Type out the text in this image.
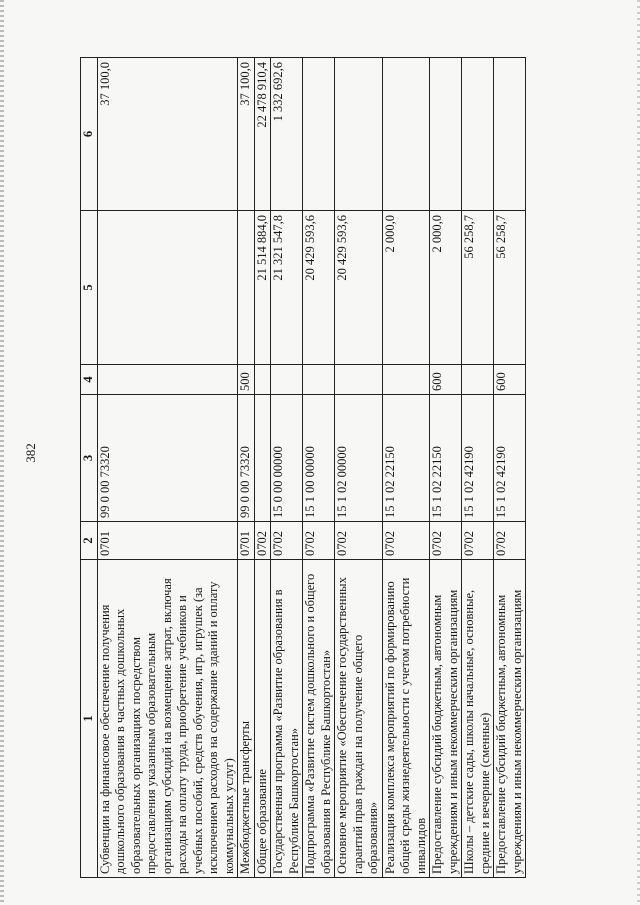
382
1	2	3	4	5	6
Субвенции на финансовое обеспечение получения дошкольного образования в частных дошкольных образовательных организациях посредством предоставления указанным образовательным организациям субсидий на возмещение затрат, включая расходы на оплату труда, приобретение учебников и учебных пособий, средств обучения, игр, игрушек (за исключением расходов на содержание зданий и оплату коммунальных услуг)	0701	99 0 00 73320			37 100,0
Межбюджетные трансферты	0701	99 0 00 73320	500		37 100,0
Общее образование	0702			21 514 884,0	22 478 910,4
Государственная программа «Развитие образования в Республике Башкортостан»	0702	15 0 00 00000		21 321 547,8	1 332 692,6
Подпрограмма «Развитие систем дошкольного и общего образования в Республике Башкортостан»	0702	15 1 00 00000		20 429 593,6	
Основное мероприятие «Обеспечение государственных гарантий прав граждан на получение общего образования»	0702	15 1 02 00000		20 429 593,6	
Реализация комплекса мероприятий по формированию общей среды жизнедеятельности с учетом потребности инвалидов	0702	15 1 02 22150		2 000,0	
Предоставление субсидий бюджетным, автономным учреждениям и иным некоммерческим организациям	0702	15 1 02 22150	600	2 000,0	
Школы – детские сады, школы начальные, основные, средние и вечерние (сменные)	0702	15 1 02 42190		56 258,7	
Предоставление субсидий бюджетным, автономным учреждениям и иным некоммерческим организациям	0702	15 1 02 42190	600	56 258,7	
